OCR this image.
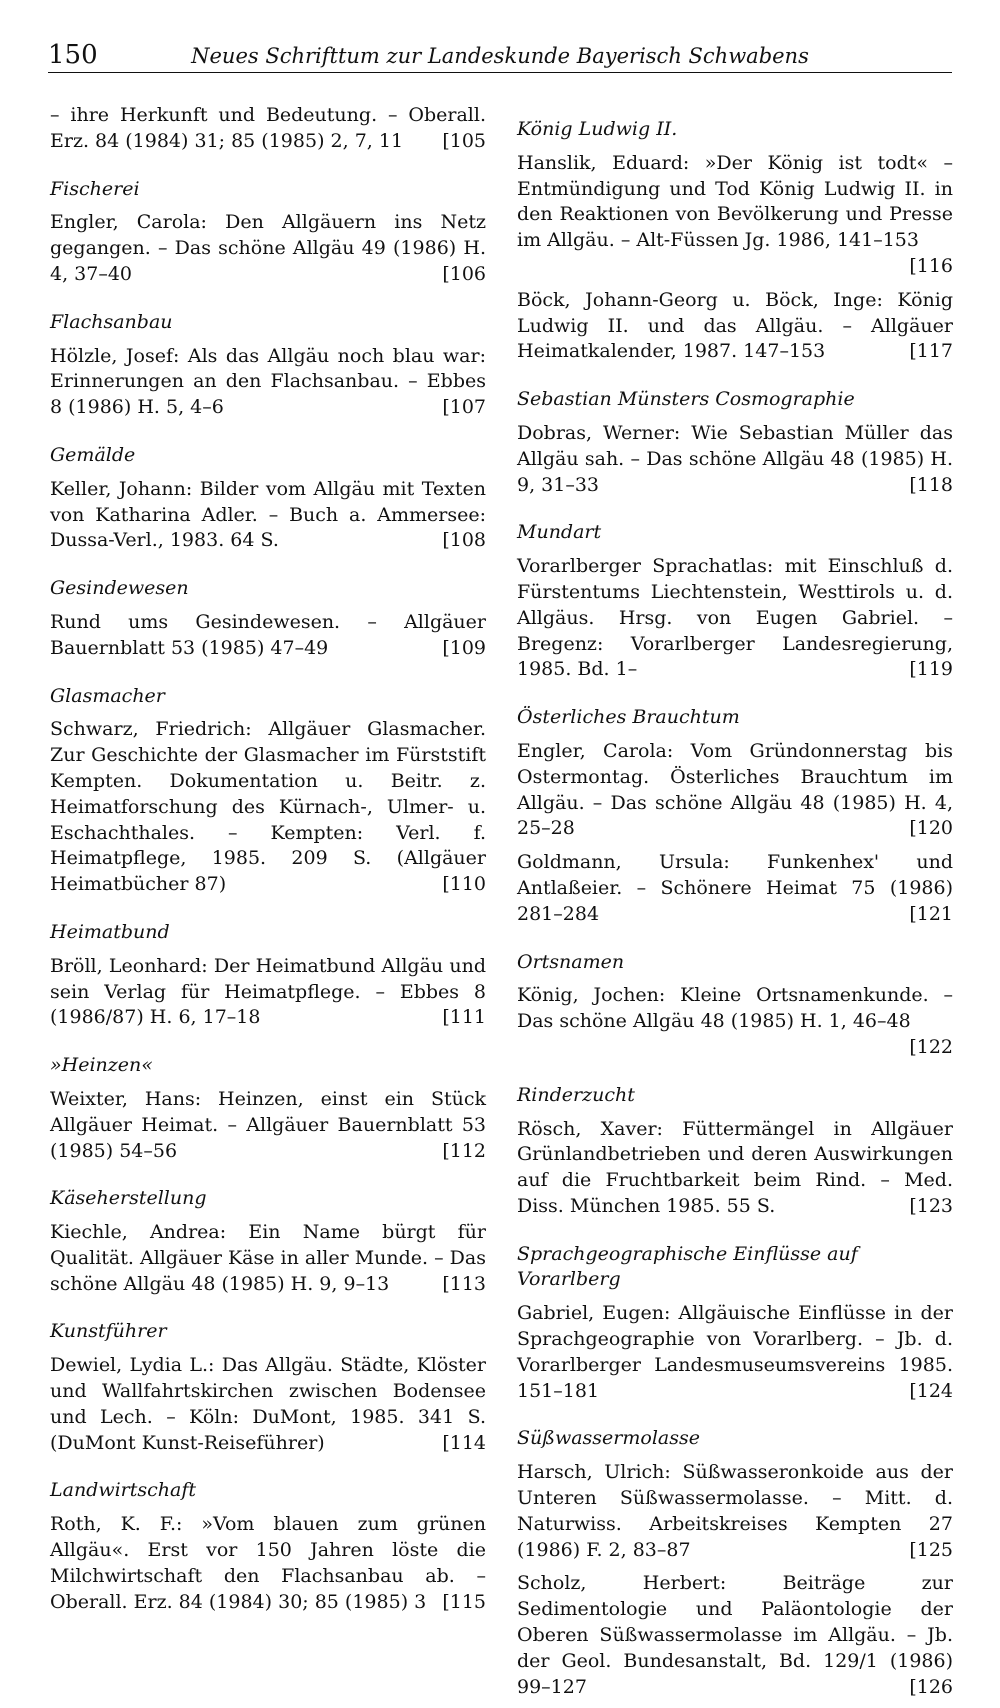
150	Neues Schrifttum zur Landeskunde Bayerisch Schwabens
– ihre Herkunft und Bedeutung. – Oberall. Erz. 84 (1984) 31; 85 (1985) 2, 7, 11 [105
Fischerei
Engler, Carola: Den Allgäuern ins Netz gegangen. – Das schöne Allgäu 49 (1986) H. 4, 37–40	[106
Flachsanbau
Hölzle, Josef: Als das Allgäu noch blau war: Erinnerungen an den Flachsanbau. – Ebbes 8 (1986) H. 5, 4–6	[107
Gemälde
Keller, Johann: Bilder vom Allgäu mit Texten von Katharina Adler. – Buch a. Ammersee: Dussa-Verl., 1983. 64 S.	[108
Gesindewesen
Rund ums Gesindewesen. – Allgäuer Bauernblatt 53 (1985) 47–49	[109
Glasmacher
Schwarz, Friedrich: Allgäuer Glasmacher. Zur Geschichte der Glasmacher im Fürststift Kempten. Dokumentation u. Beitr. z. Heimatforschung des Kürnach-, Ulmer- u. Eschachthales. – Kempten: Verl. f. Heimatpflege, 1985. 209 S. (Allgäuer Heimatbücher 87)	[110
Heimatbund
Bröll, Leonhard: Der Heimatbund Allgäu und sein Verlag für Heimatpflege. – Ebbes 8 (1986/87) H. 6, 17–18	[111
»Heinzen«
Weixter, Hans: Heinzen, einst ein Stück Allgäuer Heimat. – Allgäuer Bauernblatt 53 (1985) 54–56	[112
Käseherstellung
Kiechle, Andrea: Ein Name bürgt für Qualität. Allgäuer Käse in aller Munde. – Das schöne Allgäu 48 (1985) H. 9, 9–13	[113
Kunstführer
Dewiel, Lydia L.: Das Allgäu. Städte, Klöster und Wallfahrtskirchen zwischen Bodensee und Lech. – Köln: DuMont, 1985. 341 S. (DuMont Kunst-Reiseführer)	[114
Landwirtschaft
Roth, K. F.: »Vom blauen zum grünen Allgäu«. Erst vor 150 Jahren löste die Milchwirtschaft den Flachsanbau ab. – Oberall. Erz. 84 (1984) 30; 85 (1985) 3 [115
König Ludwig II.
Hanslik, Eduard: »Der König ist todt« – Entmündigung und Tod König Ludwig II. in den Reaktionen von Bevölkerung und Presse im Allgäu. – Alt-Füssen Jg. 1986, 141–153
[116
Böck, Johann-Georg u. Böck, Inge: König Ludwig II. und das Allgäu. – Allgäuer Heimatkalender, 1987. 147–153	[117
Sebastian Münsters Cosmographie
Dobras, Werner: Wie Sebastian Müller das Allgäu sah. – Das schöne Allgäu 48 (1985) H. 9, 31–33	[118
Mundart
Vorarlberger Sprachatlas: mit Einschluß d. Fürstentums Liechtenstein, Westtirols u. d. Allgäus. Hrsg. von Eugen Gabriel. – Bregenz: Vorarlberger Landesregierung, 1985. Bd. 1–	[119
Österliches Brauchtum
Engler, Carola: Vom Gründonnerstag bis Ostermontag. Österliches Brauchtum im Allgäu. – Das schöne Allgäu 48 (1985) H. 4, 25–28	[120
Goldmann, Ursula: Funkenhex' und Antlaßeier. – Schönere Heimat 75 (1986) 281–284	[121
Ortsnamen
König, Jochen: Kleine Ortsnamenkunde. – Das schöne Allgäu 48 (1985) H. 1, 46–48
[122
Rinderzucht
Rösch, Xaver: Füttermängel in Allgäuer Grünlandbetrieben und deren Auswirkungen auf die Fruchtbarkeit beim Rind. – Med. Diss. München 1985. 55 S.	[123
Sprachgeographische Einflüsse auf Vorarlberg
Gabriel, Eugen: Allgäuische Einflüsse in der Sprachgeographie von Vorarlberg. – Jb. d. Vorarlberger Landesmuseumsvereins 1985. 151–181	[124
Süßwassermolasse
Harsch, Ulrich: Süßwasseronkoide aus der Unteren Süßwassermolasse. – Mitt. d. Naturwiss. Arbeitskreises Kempten 27 (1986) F. 2, 83–87	[125
Scholz, Herbert: Beiträge zur Sedimentologie und Paläontologie der Oberen Süßwassermolasse im Allgäu. – Jb. der Geol. Bundesanstalt, Bd. 129/1 (1986) 99–127	[126
